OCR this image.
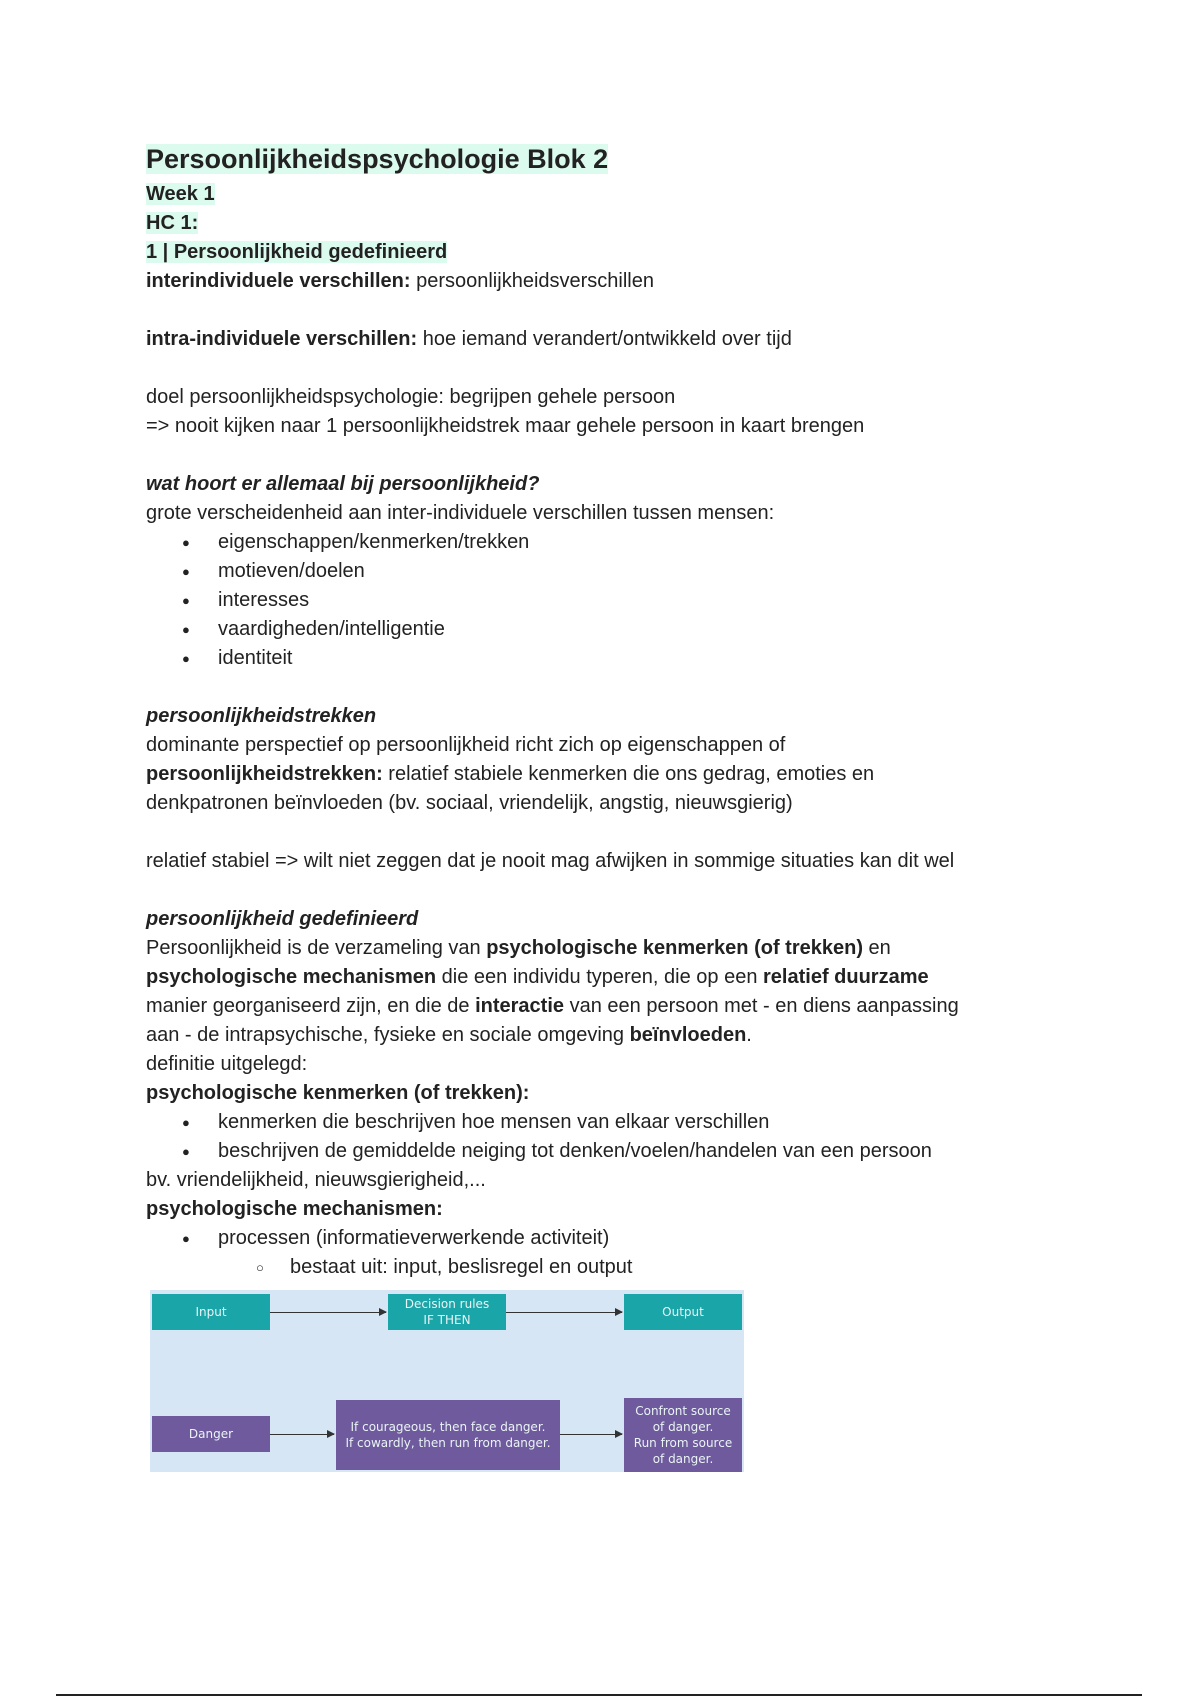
Persoonlijkheidspsychologie Blok 2
Week 1
HC 1:
1 | Persoonlijkheid gedefinieerd

interindividuele verschillen: persoonlijkheidsverschillen

intra-individuele verschillen: hoe iemand verandert/ontwikkeld over tijd

doel persoonlijkheidspsychologie: begrijpen gehele persoon

=> nooit kijken naar 1 persoonlijkheidstrek maar gehele persoon in kaart brengen

wat hoort er allemaal bij persoonlijkheid?

grote verscheidenheid aan inter-individuele verschillen tussen mensen:

● eigenschappen/kenmerken/trekken
● motieven/doelen
● interesses
● vaardigheden/intelligentie
● identiteit

persoonlijkheidstrekken

dominante perspectief op persoonlijkheid richt zich op eigenschappen of

persoonlijkheidstrekken: relatief stabiele kenmerken die ons gedrag, emoties en

denkpatronen beïnvloeden (bv. sociaal, vriendelijk, angstig, nieuwsgierig)

relatief stabiel => wilt niet zeggen dat je nooit mag afwijken in sommige situaties kan dit wel

persoonlijkheid gedefinieerd

Persoonlijkheid is de verzameling van psychologische kenmerken (of trekken) en

psychologische mechanismen die een individu typeren, die op een relatief duurzame

manier georganiseerd zijn, en die de interactie van een persoon met - en diens aanpassing

aan - de intrapsychische, fysieke en sociale omgeving beïnvloeden.

definitie uitgelegd:

psychologische kenmerken (of trekken):

● kenmerken die beschrijven hoe mensen van elkaar verschillen
● beschrijven de gemiddelde neiging tot denken/voelen/handelen van een persoon

bv. vriendelijkheid, nieuwsgierigheid,...

psychologische mechanismen:

● processen (informatieverwerkende activiteit)
○ bestaat uit: input, beslisregel en output
Input
Decision rules
IF THEN
Output
Danger	If courageous, then face danger.
If cowardly, then run from danger.
Confront source
of danger.
Run from source
of danger.
